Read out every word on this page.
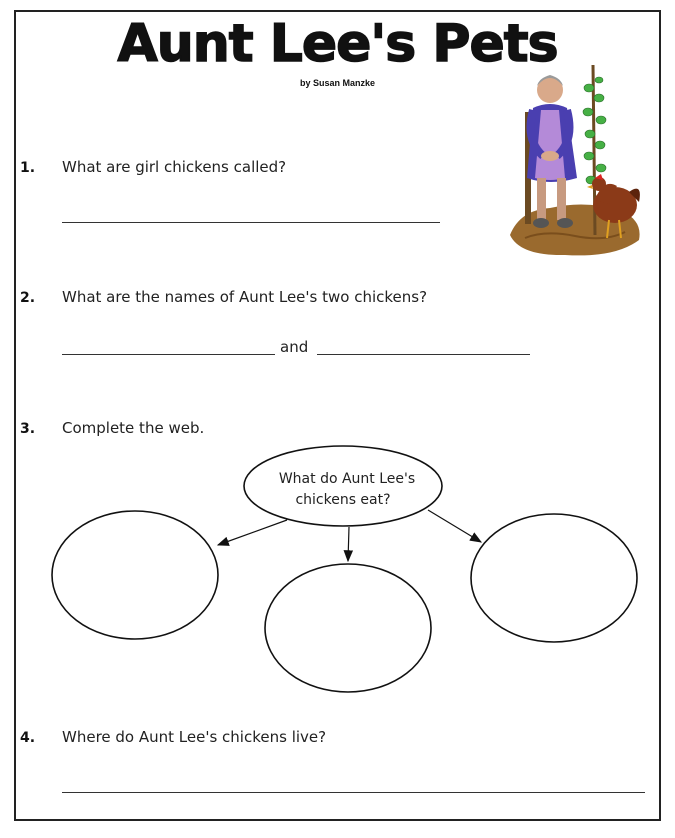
Aunt Lee's Pets
by Susan Manzke
1. What are girl chickens called?
2. What are the names of Aunt Lee's two chickens?
and
3. Complete the web.
What do Aunt Lee's
chickens eat?
4. Where do Aunt Lee's chickens live?
